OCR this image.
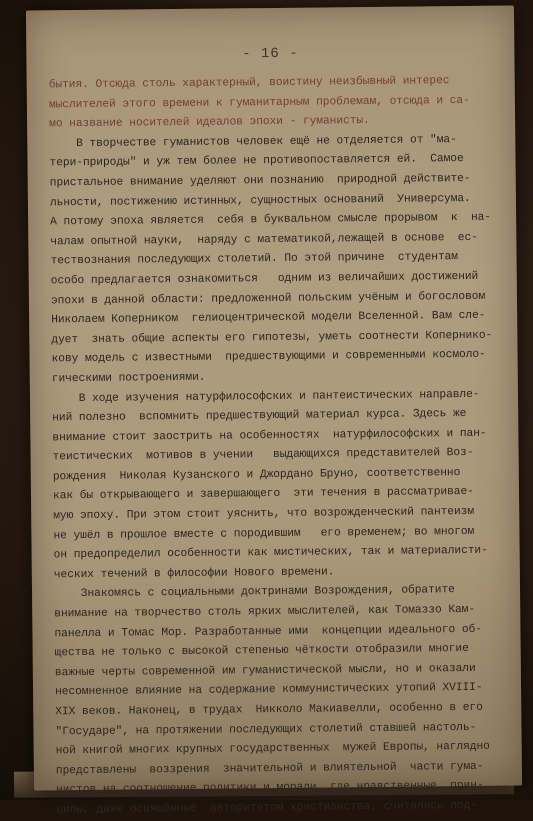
- 16 -
бытия. Отсюда столь характерный, воистину неизбывный интерес
мыслителей этого времени к гуманитарным проблемам, отсюда и са-
мо название носителей идеалов эпохи - гуманисты.
В творчестве гуманистов человек ещё не отделяется от "ма-
тери-природы" и уж тем более не противопоставляется ей.  Самое
пристальное внимание уделяют они познанию  природной действите-
льности, постижению истинных, сущностных оснований  Универсума.
А потому эпоха является  себя в буквальном смысле прорывом  к  на-
чалам опытной науки,  наряду с математикой,лежащей в основе  ес-
тествознания последующих столетий. По этой причине  студентам
особо предлагается ознакомиться   одним из величайших достижений
эпохи в данной области: предложенной польским учёным и богословом
Николаем Коперником  гелиоцентрической модели Вселенной. Вам сле-
дует  знать общие аспекты его гипотезы, уметь соотнести Копернико-
кову модель с известными  предшествующими и современными космоло-
гическими построениями.
В ходе изучения натурфилософских и пантеистических направле-
ний полезно  вспомнить предшествующий материал курса. Здесь же
внимание стоит заострить на особенностях  натурфилософских и пан-
теистических  мотивов в учении   выдающихся представителей Воз-
рождения  Николая Кузанского и Джордано Бруно, соответственно
как бы открывающего и завершающего  эти течения в рассматривае-
мую эпоху. При этом стоит уяснить, что возрожденческий пантеизм
не ушёл в прошлое вместе с породившим   его временем; во многом
он предопределил особенности как мистических, так и материалисти-
ческих течений в философии Нового времени.
Знакомясь с социальными доктринами Возрождения, обратите
внимание на творчество столь ярких мыслителей, как Томаззо Кам-
панелла и Томас Мор. Разработанные ими  концепции идеального об-
щества не только с высокой степенью чёткости отобразили многие
важные черты современной им гуманистической мысли, но и оказали
несомненное влияние на содержание коммунистических утопий XVIII-
XIX веков. Наконец, в трудах  Никколо Макиавелли, особенно в его
"Государе", на протяжении последующих столетий ставшей настоль-
ной книгой многих крупных государственных  мужей Европы, наглядно
представлены  воззрения  значительной и влиятельной  части гума-
нистов на соотношение политики и морали, где нравственные  прин-
ципы, даже освящённые  авторитетом христианства, считались под-
